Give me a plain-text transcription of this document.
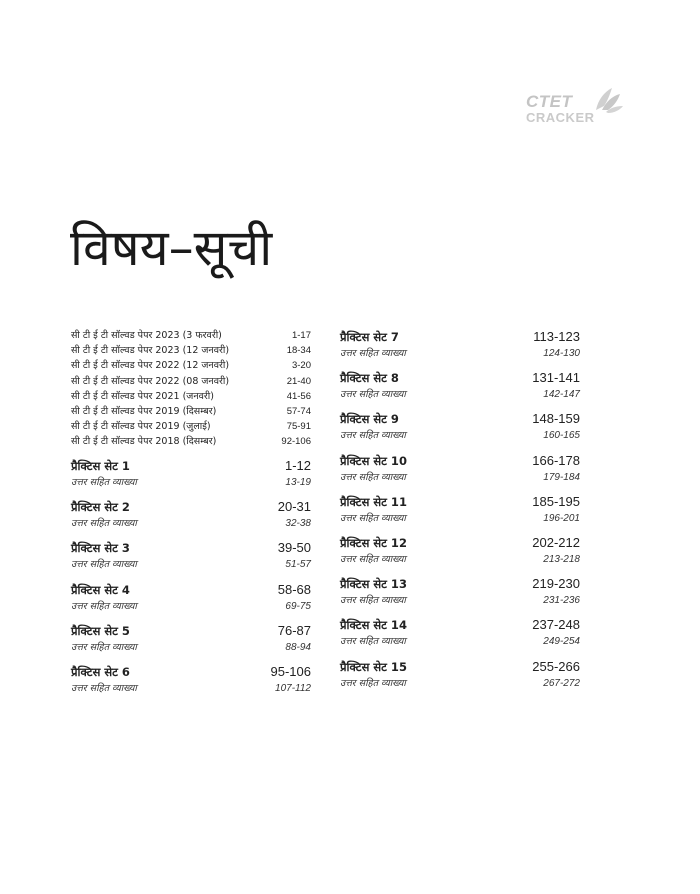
CTET
CRACKER
विषय–सूची
सी टी ई टी सॉल्वड पेपर 2023 (3 फरवरी)	1-17
सी टी ई टी सॉल्वड पेपर 2023 (12 जनवरी)	18-34
सी टी ई टी सॉल्वड पेपर 2022 (12 जनवरी)	3-20
सी टी ई टी सॉल्वड पेपर 2022 (08 जनवरी)	21-40
सी टी ई टी सॉल्वड पेपर 2021 (जनवरी)	41-56
सी टी ई टी सॉल्वड पेपर 2019 (दिसम्बर)	57-74
सी टी ई टी सॉल्वड पेपर 2019 (जुलाई)	75-91
सी टी ई टी सॉल्वड पेपर 2018 (दिसम्बर)	92-106
प्रैक्टिस सेट 1	1-12
उत्तर सहित व्याख्या	13-19
प्रैक्टिस सेट 2	20-31
उत्तर सहित व्याख्या	32-38
प्रैक्टिस सेट 3	39-50
उत्तर सहित व्याख्या	51-57
प्रैक्टिस सेट 4	58-68
उत्तर सहित व्याख्या	69-75
प्रैक्टिस सेट 5	76-87
उत्तर सहित व्याख्या	88-94
प्रैक्टिस सेट 6	95-106
उत्तर सहित व्याख्या	107-112
प्रैक्टिस सेट 7	113-123
उत्तर सहित व्याख्या	124-130
प्रैक्टिस सेट 8	131-141
उत्तर सहित व्याख्या	142-147
प्रैक्टिस सेट 9	148-159
उत्तर सहित व्याख्या	160-165
प्रैक्टिस सेट 10	166-178
उत्तर सहित व्याख्या	179-184
प्रैक्टिस सेट 11	185-195
उत्तर सहित व्याख्या	196-201
प्रैक्टिस सेट 12	202-212
उत्तर सहित व्याख्या	213-218
प्रैक्टिस सेट 13	219-230
उत्तर सहित व्याख्या	231-236
प्रैक्टिस सेट 14	237-248
उत्तर सहित व्याख्या	249-254
प्रैक्टिस सेट 15	255-266
उत्तर सहित व्याख्या	267-272
